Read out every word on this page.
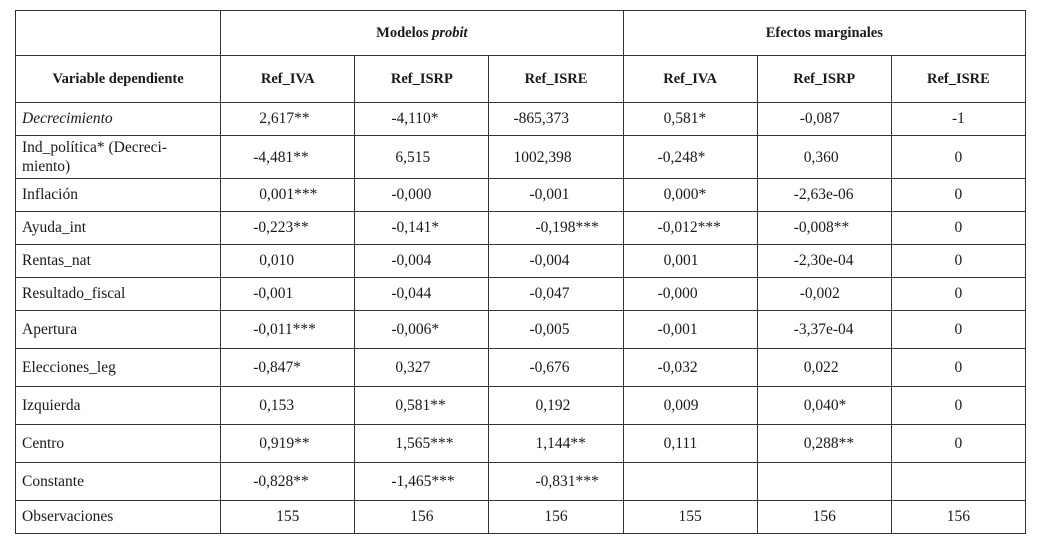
	Modelos probit			Efectos marginales		
Variable dependiente	Ref_IVA	Ref_ISRP	Ref_ISRE	Ref_IVA	Ref_ISRP	Ref_ISRE
Decrecimiento	2,617**	-4,110*	-865,373	0,581*	-0,087	-1
Ind_política* (Decreci-
miento)	-4,481**	6,515	1002,398	-0,248*	0,360	0
Inflación	0,001***	-0,000	-0,001	0,000*	-2,63e-06	0
Ayuda_int	-0,223**	-0,141*	-0,198***	-0,012***	-0,008**	0
Rentas_nat	0,010	-0,004	-0,004	0,001	-2,30e-04	0
Resultado_fiscal	-0,001	-0,044	-0,047	-0,000	-0,002	0
Apertura	-0,011***	-0,006*	-0,005	-0,001	-3,37e-04	0
Elecciones_leg	-0,847*	0,327	-0,676	-0,032	0,022	0
Izquierda	0,153	0,581**	0,192	0,009	0,040*	0
Centro	0,919**	1,565***	1,144**	0,111	0,288**	0
Constante	-0,828**	-1,465***	-0,831***			
Observaciones	155	156	156	155	156	156
